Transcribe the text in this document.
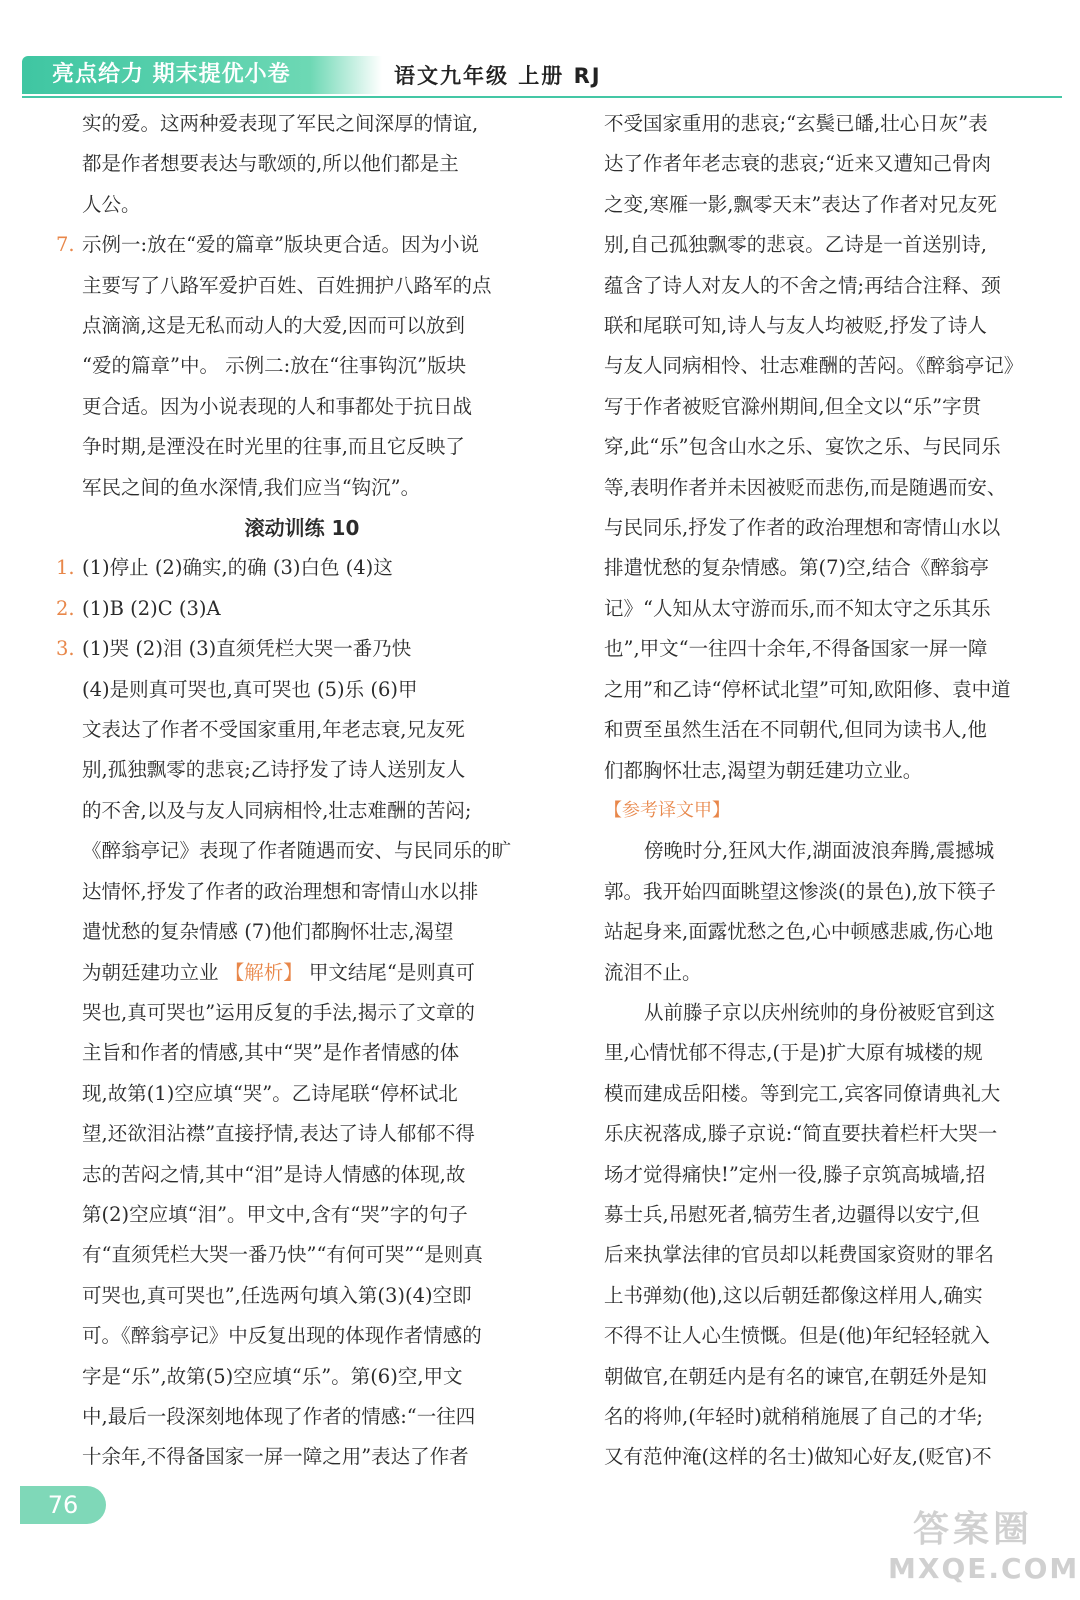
亮点给力 期末提优小卷	语文九年级 上册 RJ

实的爱。这两种爱表现了军民之间深厚的情谊,

都是作者想要表达与歌颂的,所以他们都是主

人公。

7. 示例一:放在“爱的篇章”版块更合适。因为小说

主要写了八路军爱护百姓、百姓拥护八路军的点

点滴滴,这是无私而动人的大爱,因而可以放到

“爱的篇章”中。 示例二:放在“往事钩沉”版块

更合适。因为小说表现的人和事都处于抗日战

争时期,是湮没在时光里的往事,而且它反映了

军民之间的鱼水深情,我们应当“钩沉”。

滚动训练 10

1. (1)停止 (2)确实,的确 (3)白色 (4)这

2. (1)B (2)C (3)A

3. (1)哭 (2)泪 (3)直须凭栏大哭一番乃快

(4)是则真可哭也,真可哭也 (5)乐 (6)甲

文表达了作者不受国家重用,年老志衰,兄友死

别,孤独飘零的悲哀;乙诗抒发了诗人送别友人

的不舍,以及与友人同病相怜,壮志难酬的苦闷;

《醉翁亭记》表现了作者随遇而安、与民同乐的旷

达情怀,抒发了作者的政治理想和寄情山水以排

遣忧愁的复杂情感 (7)他们都胸怀壮志,渴望

为朝廷建功立业 【解析】 甲文结尾“是则真可

哭也,真可哭也”运用反复的手法,揭示了文章的

主旨和作者的情感,其中“哭”是作者情感的体

现,故第(1)空应填“哭”。乙诗尾联“停杯试北

望,还欲泪沾襟”直接抒情,表达了诗人郁郁不得

志的苦闷之情,其中“泪”是诗人情感的体现,故

第(2)空应填“泪”。甲文中,含有“哭”字的句子

有“直须凭栏大哭一番乃快”“有何可哭”“是则真

可哭也,真可哭也”,任选两句填入第(3)(4)空即

可。《醉翁亭记》中反复出现的体现作者情感的

字是“乐”,故第(5)空应填“乐”。第(6)空,甲文

中,最后一段深刻地体现了作者的情感:“一往四

十余年,不得备国家一屏一障之用”表达了作者

不受国家重用的悲哀;“玄鬓已皤,壮心日灰”表

达了作者年老志衰的悲哀;“近来又遭知己骨肉

之变,寒雁一影,飘零天末”表达了作者对兄友死

别,自己孤独飘零的悲哀。乙诗是一首送别诗,

蕴含了诗人对友人的不舍之情;再结合注释、颈

联和尾联可知,诗人与友人均被贬,抒发了诗人

与友人同病相怜、壮志难酬的苦闷。《醉翁亭记》

写于作者被贬官滁州期间,但全文以“乐”字贯

穿,此“乐”包含山水之乐、宴饮之乐、与民同乐

等,表明作者并未因被贬而悲伤,而是随遇而安、

与民同乐,抒发了作者的政治理想和寄情山水以

排遣忧愁的复杂情感。第(7)空,结合《醉翁亭

记》“人知从太守游而乐,而不知太守之乐其乐

也”,甲文“一往四十余年,不得备国家一屏一障

之用”和乙诗“停杯试北望”可知,欧阳修、袁中道

和贾至虽然生活在不同朝代,但同为读书人,他

们都胸怀壮志,渴望为朝廷建功立业。

【参考译文甲】

傍晚时分,狂风大作,湖面波浪奔腾,震撼城

郭。我开始四面眺望这惨淡(的景色),放下筷子

站起身来,面露忧愁之色,心中顿感悲戚,伤心地

流泪不止。

从前滕子京以庆州统帅的身份被贬官到这

里,心情忧郁不得志,(于是)扩大原有城楼的规

模而建成岳阳楼。等到完工,宾客同僚请典礼大

乐庆祝落成,滕子京说:“简直要扶着栏杆大哭一

场才觉得痛快!”定州一役,滕子京筑高城墙,招

募士兵,吊慰死者,犒劳生者,边疆得以安宁,但

后来执掌法律的官员却以耗费国家资财的罪名

上书弹劾(他),这以后朝廷都像这样用人,确实

不得不让人心生愤慨。但是(他)年纪轻轻就入

朝做官,在朝廷内是有名的谏官,在朝廷外是知

名的将帅,(年轻时)就稍稍施展了自己的才华;

又有范仲淹(这样的名士)做知心好友,(贬官)不

76
答案圈
MXQE.COM
